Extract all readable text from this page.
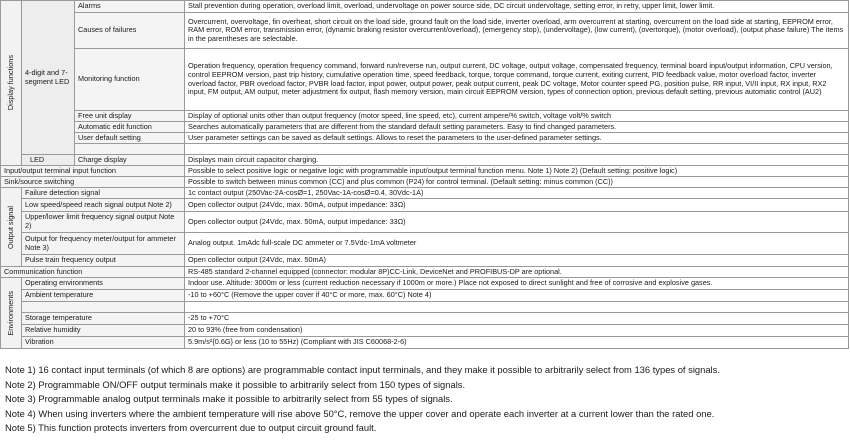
Display functions	4-digit and 7-segment LED	Alarms	Stall prevention during operation, overload limit, overload, undervoltage on power source side, DC circuit undervoltage, setting error, in retry, upper limit, lower limit.
		Causes of failures	Overcurrent, overvoltage, fin overheat, short circuit on the load side, ground fault on the load side, inverter overload, arm overcurrent at starting, overcurrent on the load side at starting, EEPROM error, RAM error, ROM error, transmission error, (dynamic braking resistor overcurrent/overload), (emergency stop), (undervoltage), (low current), (overtorque), (motor overload), (output phase failure) The items in the parentheses are selectable.
		Monitoring function	Operation frequency, operation frequency command, forward run/reverse run, output current, DC voltage, output voltage, compensated frequency, terminal board input/output information, CPU version, control EEPROM version, past trip history, cumulative operation time, speed feedback, torque, torque command, torque current, exiting current, PID feedback value, motor overload factor, inverter overload factor, PBR overload factor, PVBR load factor, input power, output power, peak output current, peak DC voltage, Motor counter speed PG, position pulse, RR input, VI/II input, RX input, RX2 input, FM output, AM output, meter adjustment fix output, flash memory version, main circuit EEPROM version, types of connection option, previous default setting, previous automatic control (AU2)
		Free unit display	Display of optional units other than output frequency (motor speed, line speed, etc), current ampere/% switch, voltage volt/% switch
		Automatic edit function	Searches automatically parameters that are different from the standard default setting parameters. Easy to find changed parameters.
		User default setting	User parameter settings can be saved as default settings. Allows to reset the parameters to the user-defined parameter settings.

	LED	Charge display	Displays main circuit capacitor charging.
Input/output terminal input function			Possible to select positive logic or negative logic with programmable input/output terminal function menu. Note 1) Note 2) (Default setting: positive logic)
Sink/source switching			Possible to switch between minus common (CC) and plus common (P24) for control terminal. (Default setting: minus common (CC))

Output signal	Failure detection signal		1c contact output (250Vac-2A-cosØ=1, 250Vac-1A-cosØ=0.4, 30Vdc-1A)
	Low speed/speed reach signal output Note 2)		Open collector output (24Vdc, max. 50mA, output impedance: 33Ω)
	Upper/lower limit frequency signal output Note 2)		Open collector output (24Vdc, max. 50mA, output impedance: 33Ω)
	Output for frequency meter/output for ammeter Note 3)		Analog output. 1mAdc full-scale DC ammeter or 7.5Vdc-1mA voltmeter
	Pulse train frequency output		Open collector output (24Vdc, max. 50mA)
Communication function			RS-485 standard 2-channel equipped (connector: modular 8P)CC-Link, DeviceNet and PROFIBUS-DP are optional.

Environments	Operating environments		Indoor use. Altitude: 3000m or less (current reduction necessary if 1000m or more.) Place not exposed to direct sunlight and free of corrosive and explosive gases.
	Ambient temperature		-10 to +60°C (Remove the upper cover if 40°C or more, max. 60°C) Note 4)

	Storage temperature		-25 to +70°C
	Relative humidity		20 to 93% (free from condensation)
	Vibration		5.9m/s²{0.6G} or less (10 to 55Hz) (Compliant with JIS C60068-2-6)
Note 1) 16 contact input terminals (of which 8 are options) are programmable contact input terminals, and they make it possible to arbitrarily select from 136 types of signals.
Note 2) Programmable ON/OFF output terminals make it possible to arbitrarily select from 150 types of signals.
Note 3) Programmable analog output terminals make it possible to arbitrarily select from 55 types of signals.
Note 4) When using inverters where the ambient temperature will rise above 50°C, remove the upper cover and operate each inverter at a current lower than the rated one.
Note 5) This function protects inverters from overcurrent due to output circuit ground fault.
